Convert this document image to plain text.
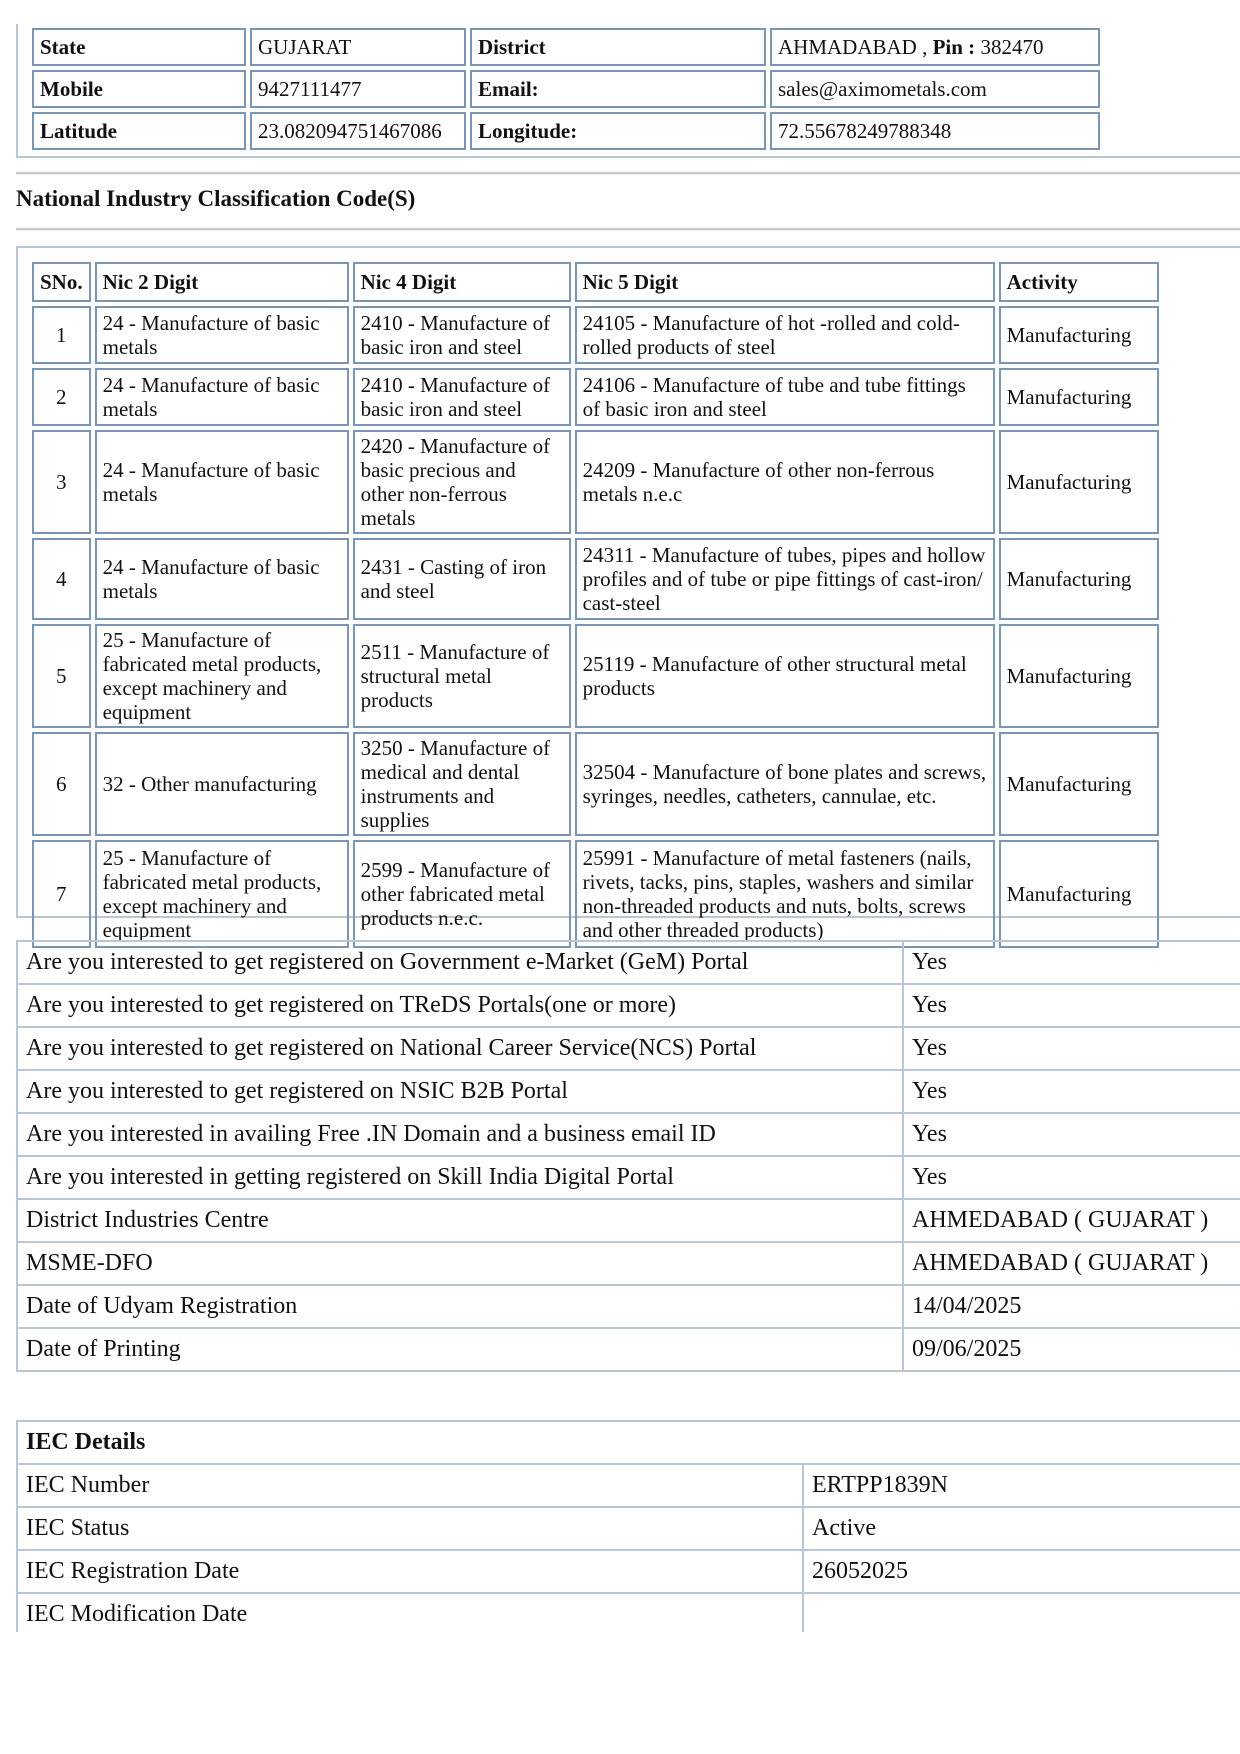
State	GUJARAT	District	AHMADABAD , Pin : 382470
Mobile	9427111477	Email:	sales@aximometals.com
Latitude	23.082094751467086	Longitude:	72.55678249788348
National Industry Classification Code(S)
SNo.	Nic 2 Digit	Nic 4 Digit	Nic 5 Digit	Activity
1	24 - Manufacture of basic metals	2410 - Manufacture of basic iron and steel	24105 - Manufacture of hot -rolled and cold-rolled products of steel	Manufacturing
2	24 - Manufacture of basic metals	2410 - Manufacture of basic iron and steel	24106 - Manufacture of tube and tube fittings of basic iron and steel	Manufacturing
3	24 - Manufacture of basic metals	2420 - Manufacture of basic precious and other non-ferrous metals	24209 - Manufacture of other non-ferrous metals n.e.c	Manufacturing
4	24 - Manufacture of basic metals	2431 - Casting of iron and steel	24311 - Manufacture of tubes, pipes and hollow profiles and of tube or pipe fittings of cast-iron/ cast-steel	Manufacturing
5	25 - Manufacture of fabricated metal products, except machinery and equipment	2511 - Manufacture of structural metal products	25119 - Manufacture of other structural metal products	Manufacturing
6	32 - Other manufacturing	3250 - Manufacture of medical and dental instruments and supplies	32504 - Manufacture of bone plates and screws, syringes, needles, catheters, cannulae, etc.	Manufacturing
7	25 - Manufacture of fabricated metal products, except machinery and equipment	2599 - Manufacture of other fabricated metal products n.e.c.	25991 - Manufacture of metal fasteners (nails, rivets, tacks, pins, staples, washers and similar non-threaded products and nuts, bolts, screws and other threaded products)	Manufacturing
Are you interested to get registered on Government e-Market (GeM) Portal	Yes
Are you interested to get registered on TReDS Portals(one or more)	Yes
Are you interested to get registered on National Career Service(NCS) Portal	Yes
Are you interested to get registered on NSIC B2B Portal	Yes
Are you interested in availing Free .IN Domain and a business email ID	Yes
Are you interested in getting registered on Skill India Digital Portal	Yes
District Industries Centre	AHMEDABAD ( GUJARAT )
MSME-DFO	AHMEDABAD ( GUJARAT )
Date of Udyam Registration	14/04/2025
Date of Printing	09/06/2025
IEC Details	
IEC Number	ERTPP1839N
IEC Status	Active
IEC Registration Date	26052025
IEC Modification Date	
